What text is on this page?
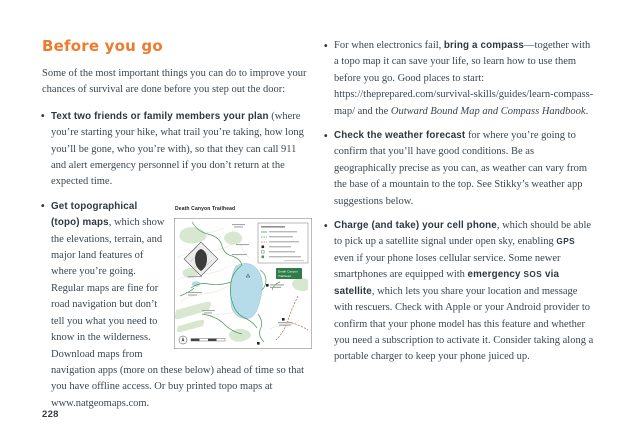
Before you go

Some of the most important things you can do to improve your chances of survival are done before you step out the door:

• Text two friends or family members your plan (where you’re starting your hike, what trail you’re taking, how long you’ll be gone, who you’re with), so that they can call 911 and alert emergency personnel if you don’t return at the expected time.
•	Death Canyon Trailhead
Death Canyon
Trailhead
Get topographical (topo) maps, which show the elevations, terrain, and major land features of where you’re going. Regular maps are fine for road navigation but don’t tell you what you need to know in the wilderness. Download maps from navigation apps (more on these below) ahead of time so that you have offline access. Or buy printed topo maps at www.natgeomaps.com.
• For when electronics fail, bring a compass—together with a topo map it can save your life, so learn how to use them before you go. Good places to start: https://theprepared.com/survival-skills/guides/learn-compass-map/ and the Outward Bound Map and Compass Handbook.
• Check the weather forecast for where you’re going to confirm that you’ll have good conditions. Be as geographically precise as you can, as weather can vary from the base of a mountain to the top. See Stikky’s weather app suggestions below.
• Charge (and take) your cell phone, which should be able to pick up a satellite signal under open sky, enabling GPS even if your phone loses cellular service. Some newer smartphones are equipped with emergency SOS via satellite, which lets you share your location and message with rescuers. Check with Apple or your Android provider to confirm that your phone model has this feature and whether you need a subscription to activate it. Consider taking along a portable charger to keep your phone juiced up.
228
